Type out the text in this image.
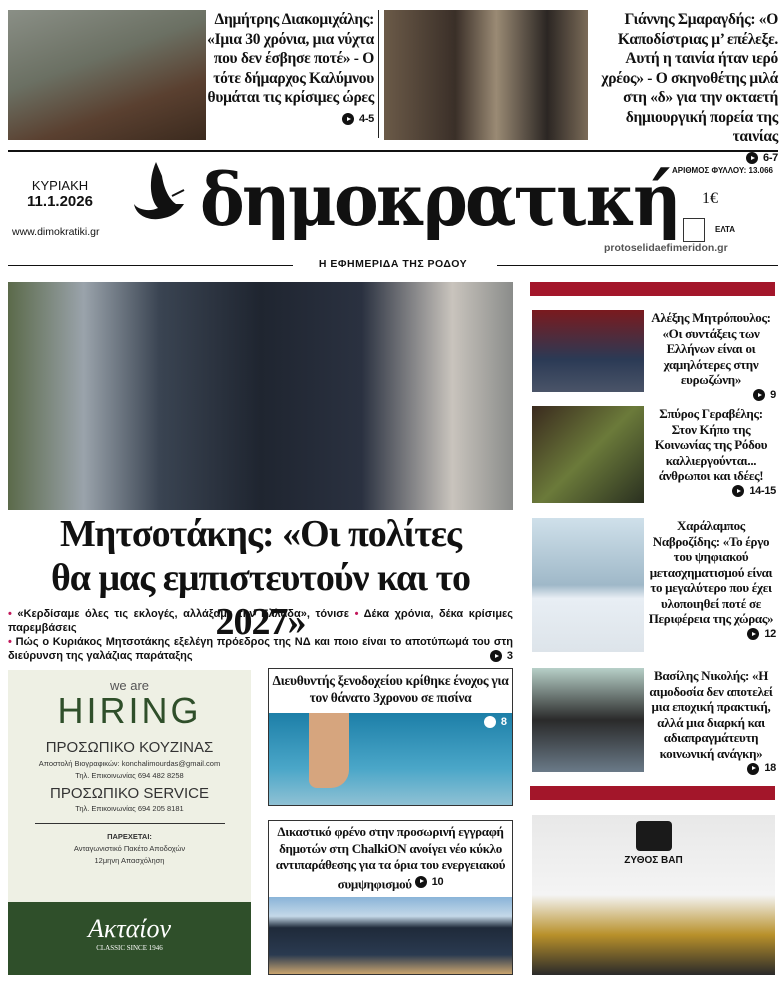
Δημήτρης Διακομιχάλης: «Ιμια 30 χρόνια, μια νύχτα που δεν έσβησε ποτέ» - Ο τότε δήμαρχος Καλύμνου θυμάται τις κρίσιμες ώρες
4-5
Γιάννης Σμαραγδής: «Ο Καποδίστριας μ’ επέλεξε. Αυτή η ταινία ήταν ιερό χρέος» - Ο σκηνοθέτης μιλά στη «δ» για την οκταετή δημιουργική πορεία της ταινίας
6-7
ΚΥΡΙΑΚΗ
11.1.2026
www.dimokratiki.gr δημοκρατική
ΑΡΙΘΜΟΣ ΦΥΛΛΟΥ: 13.066
1€
ΕΛΤΑ
protoselidaefimeridon.gr
Η ΕΦΗΜΕΡΙΔΑ ΤΗΣ ΡΟΔΟΥ
Μητσοτάκης: «Οι πολίτες
θα μας εμπιστευτούν και το 2027»
• «Κερδίσαμε όλες τις εκλογές, αλλάξαμε την Ελλάδα», τόνισε • Δέκα χρόνια, δέκα κρίσιμες παρεμβάσεις
• Πώς ο Κυριάκος Μητσοτάκης εξελέγη πρόεδρος της ΝΔ και ποιο είναι το αποτύπωμά του στη διεύρυνση της γαλάζιας παράταξης	3
Αλέξης Μητρόπουλος: «Οι συντάξεις των Ελλήνων είναι οι χαμηλότερες στην ευρωζώνη»
9
Σπύρος Γεραβέλης: Στον Κήπο της Κοινωνίας της Ρόδου καλλιεργούνται... άνθρωποι και ιδέες!
14-15
Χαράλαμπος Ναβροζίδης: «Το έργο του ψηφιακού μετασχηματισμού είναι το μεγαλύτερο που έχει υλοποιηθεί ποτέ σε Περιφέρεια της χώρας»
12
Βασίλης Νικολής: «Η αιμοδοσία δεν αποτελεί μια εποχική πρακτική, αλλά μια διαρκή και αδιαπραγμάτευτη κοινωνική ανάγκη»
18
ΖΥΘΟΣ ΒΑΠ
Διευθυντής ξενοδοχείου κρίθηκε ένοχος για τον θάνατο 3χρονου σε πισίνα
8
Δικαστικό φρένο στην προσωρινή εγγραφή δημοτών στη ChalkiON ανοίγει νέο κύκλο αντιπαράθεσης για τα όρια του ενεργειακού συμψηφισμού 10
we are
HIRING
ΠΡΟΣΩΠΙΚΟ ΚΟΥΖΙΝΑΣ
Αποστολή Βιογραφικών: konchalimourdas@gmail.com
Τηλ. Επικοινωνίας 694 482 8258
ΠΡΟΣΩΠΙΚΟ SERVICE
Τηλ. Επικοινωνίας 694 205 8181
ΠΑΡΕΧΕΤΑΙ:
Ανταγωνιστικό Πακέτο Αποδοχών
12μηνη Απασχόληση
Ακταίον
CLASSIC SINCE 1946
